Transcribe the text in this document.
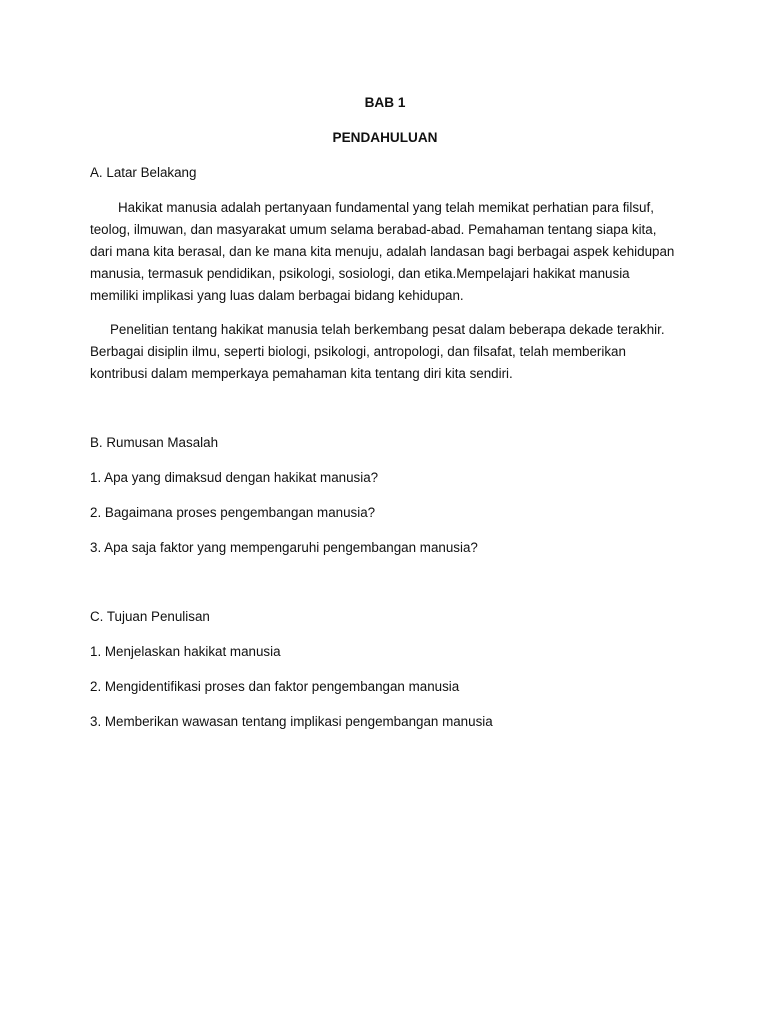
BAB 1
PENDAHULUAN

A. Latar Belakang

Hakikat manusia adalah pertanyaan fundamental yang telah memikat perhatian para filsuf, teolog, ilmuwan, dan masyarakat umum selama berabad-abad. Pemahaman tentang siapa kita, dari mana kita berasal, dan ke mana kita menuju, adalah landasan bagi berbagai aspek kehidupan manusia, termasuk pendidikan, psikologi, sosiologi, dan etika.Mempelajari hakikat manusia memiliki implikasi yang luas dalam berbagai bidang kehidupan.

Penelitian tentang hakikat manusia telah berkembang pesat dalam beberapa dekade terakhir. Berbagai disiplin ilmu, seperti biologi, psikologi, antropologi, dan filsafat, telah memberikan kontribusi dalam memperkaya pemahaman kita tentang diri kita sendiri.

B. Rumusan Masalah

1. Apa yang dimaksud dengan hakikat manusia?

2. Bagaimana proses pengembangan manusia?

3. Apa saja faktor yang mempengaruhi pengembangan manusia?

C. Tujuan Penulisan

1. Menjelaskan hakikat manusia

2. Mengidentifikasi proses dan faktor pengembangan manusia

3. Memberikan wawasan tentang implikasi pengembangan manusia
